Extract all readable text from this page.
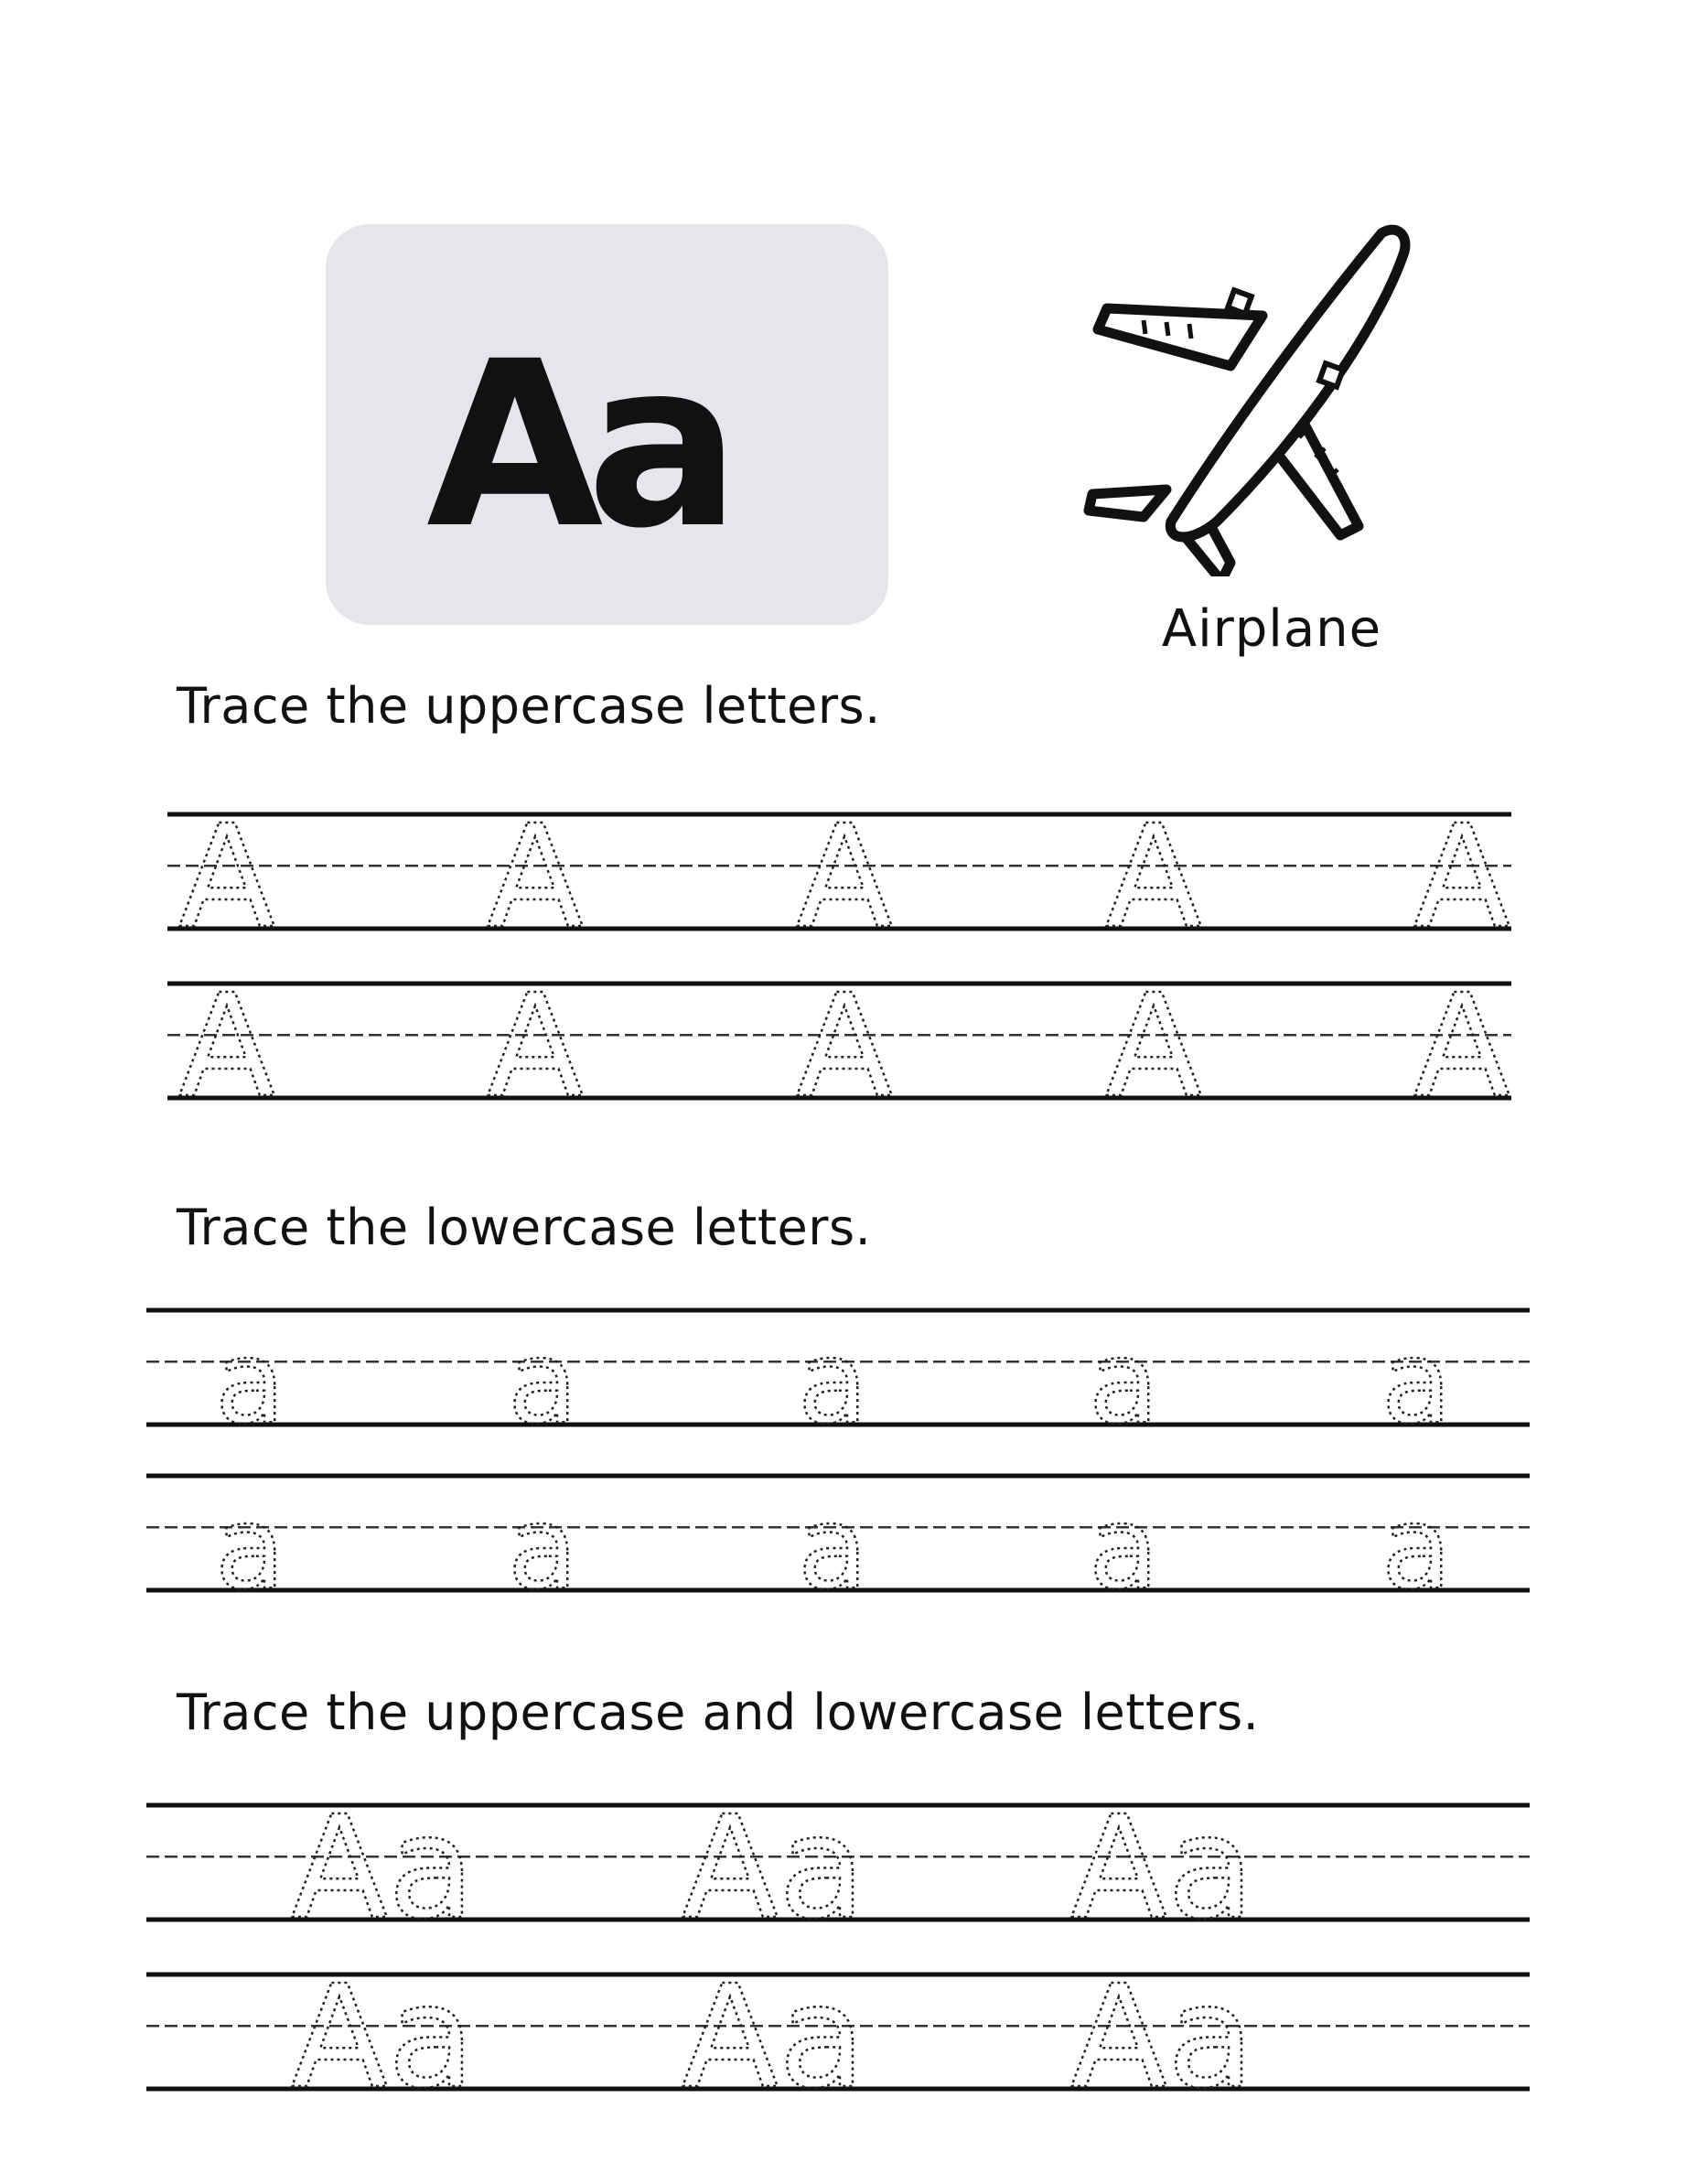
A
a
Airplane
Trace the uppercase letters.
Trace the lowercase letters.
Trace the uppercase and lowercase letters.
A A A A A
A A A A A
a a a a a
a a a a a
Aa Aa Aa
Aa Aa Aa
